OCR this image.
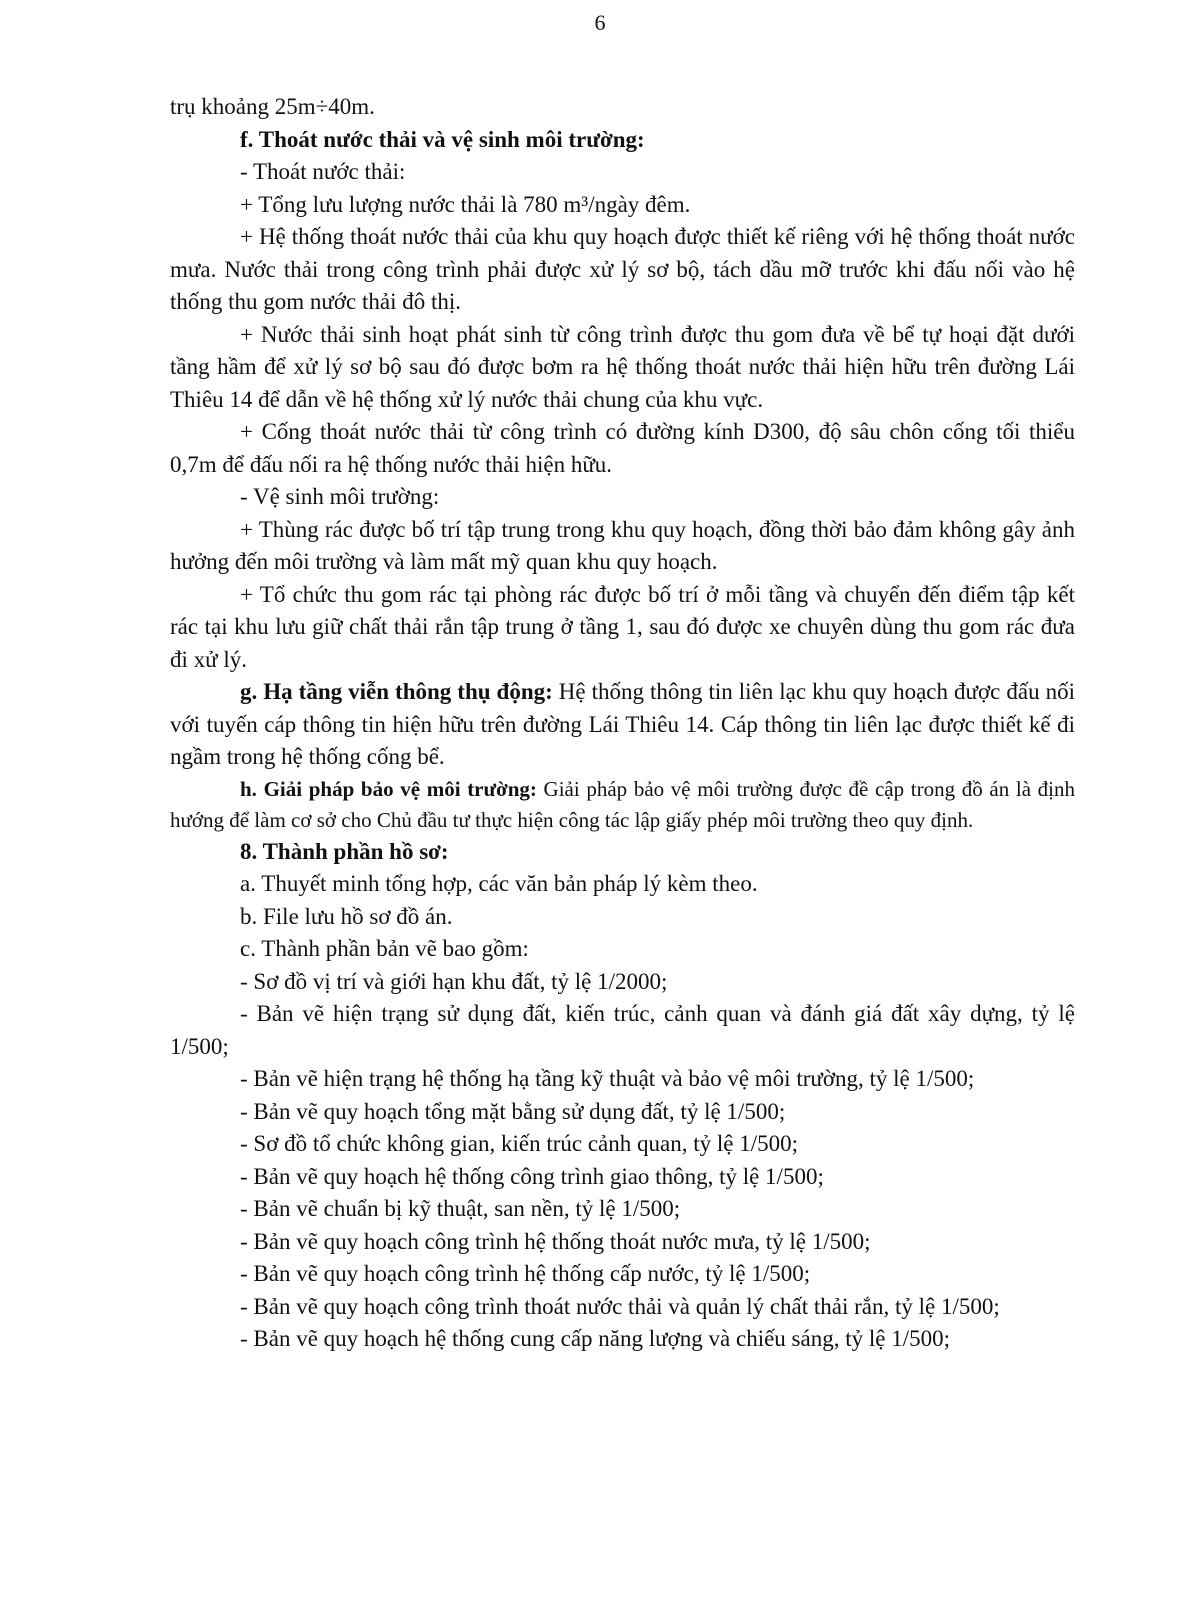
6

trụ khoảng 25m÷40m.

f. Thoát nước thải và vệ sinh môi trường:

- Thoát nước thải:

+ Tổng lưu lượng nước thải là 780 m³/ngày đêm.

+ Hệ thống thoát nước thải của khu quy hoạch được thiết kế riêng với hệ thống thoát nước mưa. Nước thải trong công trình phải được xử lý sơ bộ, tách dầu mỡ trước khi đấu nối vào hệ thống thu gom nước thải đô thị.

+ Nước thải sinh hoạt phát sinh từ công trình được thu gom đưa về bể tự hoại đặt dưới tầng hầm để xử lý sơ bộ sau đó được bơm ra hệ thống thoát nước thải hiện hữu trên đường Lái Thiêu 14 để dẫn về hệ thống xử lý nước thải chung của khu vực.

+ Cống thoát nước thải từ công trình có đường kính D300, độ sâu chôn cống tối thiểu 0,7m để đấu nối ra hệ thống nước thải hiện hữu.

- Vệ sinh môi trường:

+ Thùng rác được bố trí tập trung trong khu quy hoạch, đồng thời bảo đảm không gây ảnh hưởng đến môi trường và làm mất mỹ quan khu quy hoạch.

+ Tổ chức thu gom rác tại phòng rác được bố trí ở mỗi tầng và chuyển đến điểm tập kết rác tại khu lưu giữ chất thải rắn tập trung ở tầng 1, sau đó được xe chuyên dùng thu gom rác đưa đi xử lý.

g. Hạ tầng viễn thông thụ động: Hệ thống thông tin liên lạc khu quy hoạch được đấu nối với tuyến cáp thông tin hiện hữu trên đường Lái Thiêu 14. Cáp thông tin liên lạc được thiết kế đi ngầm trong hệ thống cống bể.

h. Giải pháp bảo vệ môi trường: Giải pháp bảo vệ môi trường được đề cập trong đồ án là định hướng để làm cơ sở cho Chủ đầu tư thực hiện công tác lập giấy phép môi trường theo quy định.

8. Thành phần hồ sơ:

a. Thuyết minh tổng hợp, các văn bản pháp lý kèm theo.

b. File lưu hồ sơ đồ án.

c. Thành phần bản vẽ bao gồm:

- Sơ đồ vị trí và giới hạn khu đất, tỷ lệ 1/2000;

- Bản vẽ hiện trạng sử dụng đất, kiến trúc, cảnh quan và đánh giá đất xây dựng, tỷ lệ 1/500;

- Bản vẽ hiện trạng hệ thống hạ tầng kỹ thuật và bảo vệ môi trường, tỷ lệ 1/500;

- Bản vẽ quy hoạch tổng mặt bằng sử dụng đất, tỷ lệ 1/500;

- Sơ đồ tổ chức không gian, kiến trúc cảnh quan, tỷ lệ 1/500;

- Bản vẽ quy hoạch hệ thống công trình giao thông, tỷ lệ 1/500;

- Bản vẽ chuẩn bị kỹ thuật, san nền, tỷ lệ 1/500;

- Bản vẽ quy hoạch công trình hệ thống thoát nước mưa, tỷ lệ 1/500;

- Bản vẽ quy hoạch công trình hệ thống cấp nước, tỷ lệ 1/500;

- Bản vẽ quy hoạch công trình thoát nước thải và quản lý chất thải rắn, tỷ lệ 1/500;

- Bản vẽ quy hoạch hệ thống cung cấp năng lượng và chiếu sáng, tỷ lệ 1/500;
